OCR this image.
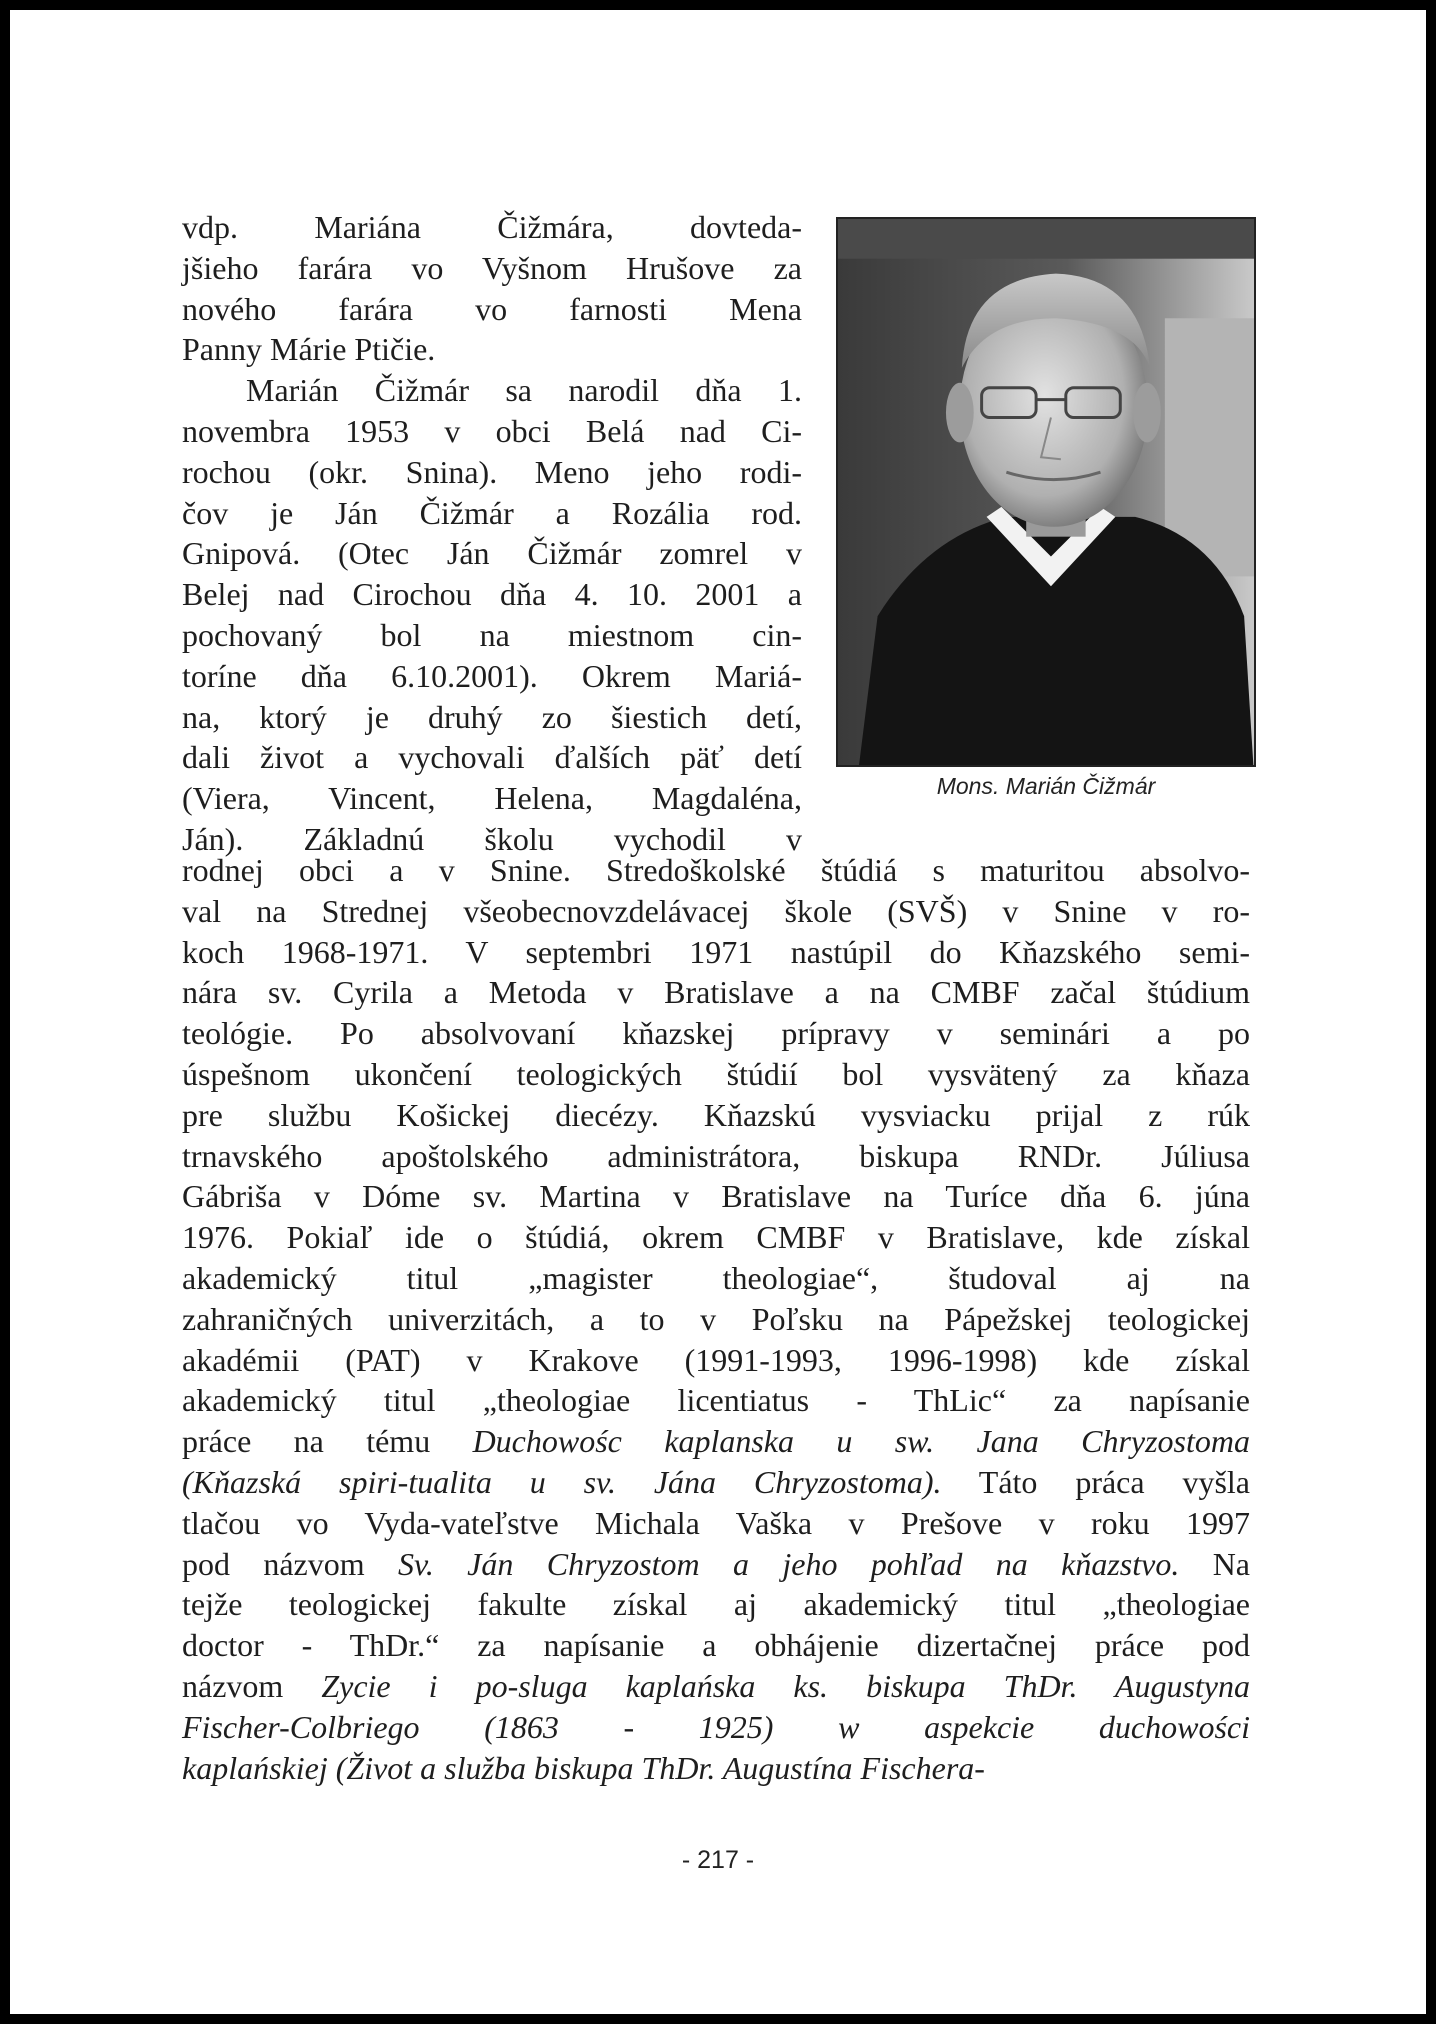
Mons. Marián Čižmár

vdp. Mariána Čižmára, dovteda-

jšieho farára vo Vyšnom Hrušove za

nového farára vo farnosti Mena

Panny Márie Ptičie.

Marián Čižmár sa narodil dňa 1.

novembra 1953 v obci Belá nad Ci-

rochou (okr. Snina). Meno jeho rodi-

čov je Ján Čižmár a Rozália rod.

Gnipová. (Otec Ján Čižmár zomrel v

Belej nad Cirochou dňa 4. 10. 2001 a

pochovaný bol na miestnom cin-

toríne dňa 6.10.2001). Okrem Mariá-

na, ktorý je druhý zo šiestich detí,

dali život a vychovali ďalších päť detí

(Viera, Vincent, Helena, Magdaléna,

Ján). Základnú školu vychodil v

rodnej obci a v Snine. Stredoškolské štúdiá s maturitou absolvo-

val na Strednej všeobecnovzdelávacej škole (SVŠ) v Snine v ro-

koch 1968-1971. V septembri 1971 nastúpil do Kňazského semi-

nára sv. Cyrila a Metoda v Bratislave a na CMBF začal štúdium

teológie. Po absolvovaní kňazskej prípravy v seminári a po

úspešnom ukončení teologických štúdií bol vysvätený za kňaza

pre službu Košickej diecézy. Kňazskú vysviacku prijal z rúk

trnavského apoštolského administrátora, biskupa RNDr. Júliusa

Gábriša v Dóme sv. Martina v Bratislave na Turíce dňa 6. júna

1976. Pokiaľ ide o štúdiá, okrem CMBF v Bratislave, kde získal

akademický titul „magister theologiae“, študoval aj na

zahraničných univerzitách, a to v Poľsku na Pápežskej teologickej

akadémii (PAT) v Krakove (1991-1993, 1996-1998) kde získal

akademický titul „theologiae licentiatus - ThLic“ za napísanie

práce na tému Duchowośc kaplanska u sw. Jana Chryzostoma

(Kňazská spiri-tualita u sv. Jána Chryzostoma). Táto práca vyšla

tlačou vo Vyda-vateľstve Michala Vaška v Prešove v roku 1997

pod názvom Sv. Ján Chryzostom a jeho pohľad na kňazstvo. Na

tejže teologickej fakulte získal aj akademický titul „theologiae

doctor - ThDr.“ za napísanie a obhájenie dizertačnej práce pod

názvom Zycie i po-sluga kaplańska ks. biskupa ThDr. Augustyna

Fischer-Colbriego (1863 - 1925) w aspekcie duchowości

kaplańskiej (Život a služba biskupa ThDr. Augustína Fischera-

- 217 -
